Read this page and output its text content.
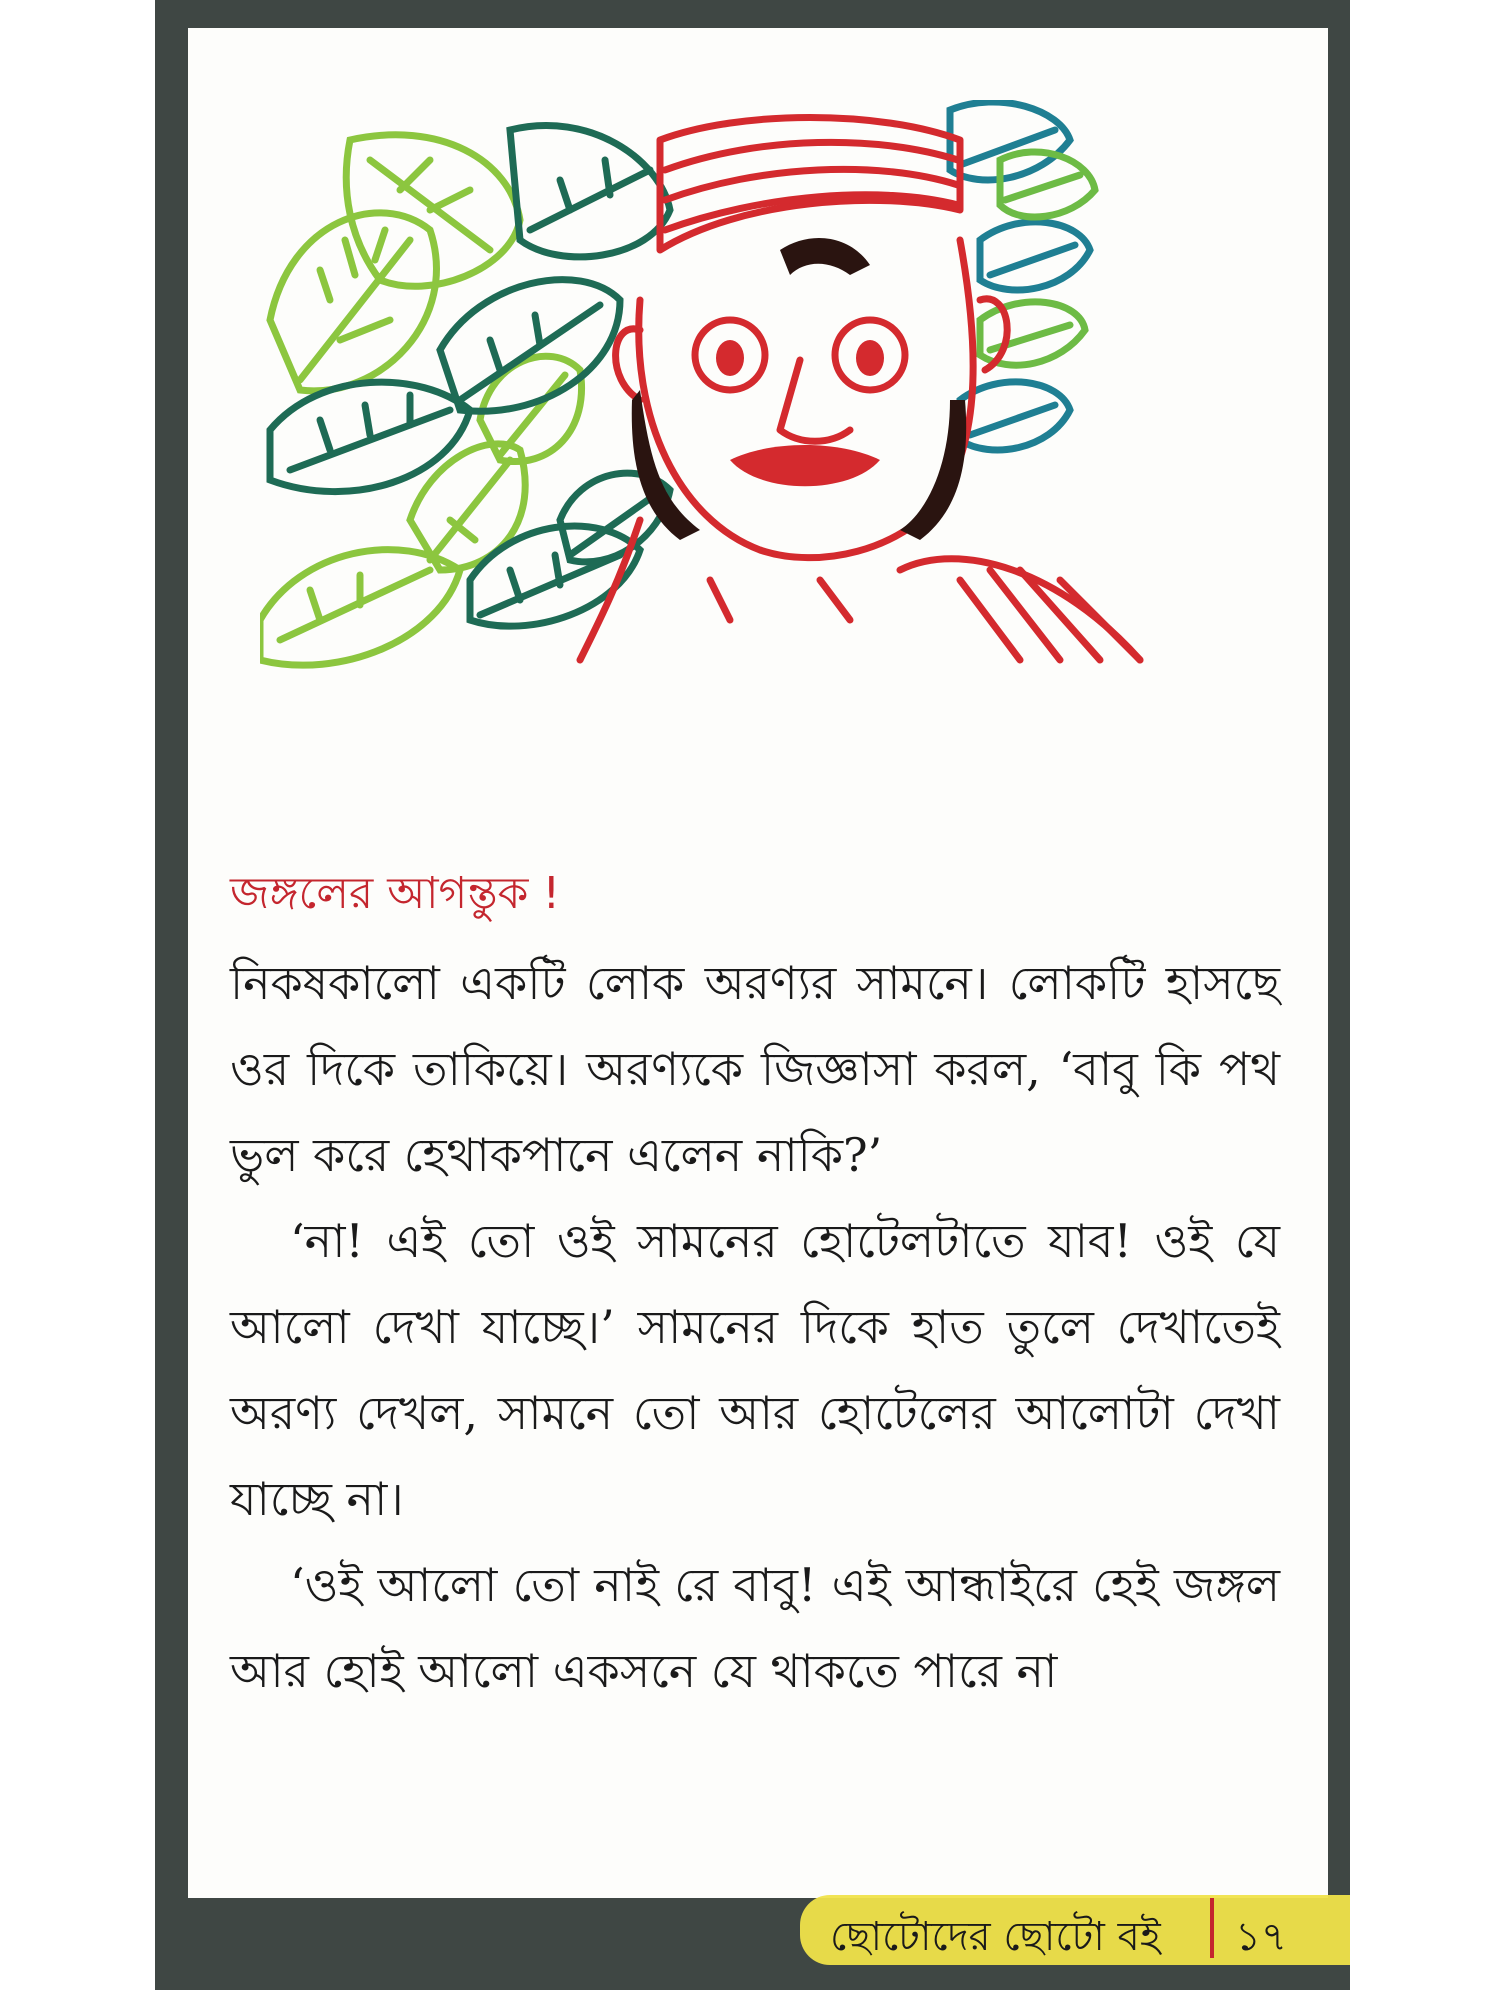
জঙ্গলের আগন্তুক !

নিকষকালো একটি লোক অরণ্যর সামনে। লোকটি হাসছে ওর দিকে তাকিয়ে। অরণ্যকে জিজ্ঞাসা করল, ‘বাবু কি পথ ভুল করে হেথাকপানে এলেন নাকি?’

‘না! এই তো ওই সামনের হোটেলটাতে যাব! ওই যে আলো দেখা যাচ্ছে।’ সামনের দিকে হাত তুলে দেখাতেই অরণ্য দেখল, সামনে তো আর হোটেলের আলোটা দেখা যাচ্ছে না।

‘ওই আলো তো নাই রে বাবু! এই আন্ধাইরে হেই জঙ্গল আর হোই আলো একসনে যে থাকতে পারে না

ছোটোদের ছোটো বই ১৭
